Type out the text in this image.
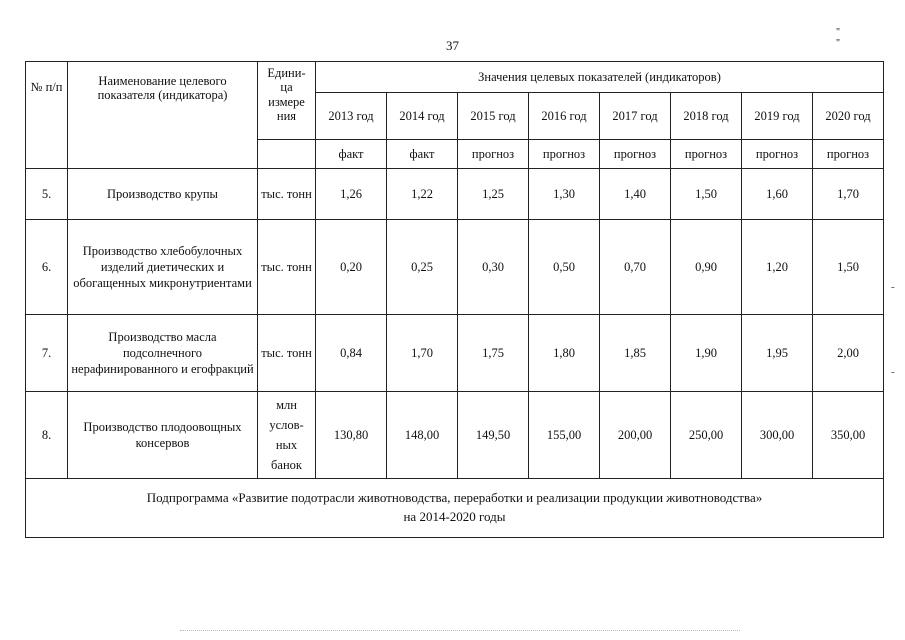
37
" "
№ п/п	Наименование целевого показателя (индикатора)	Едини- ца измере ния	Значения целевых показателей (индикаторов)							
			2013 год	2014 год	2015 год	2016 год	2017 год	2018 год	2019 год	2020 год
			факт	факт	прогноз	прогноз	прогноз	прогноз	прогноз	прогноз
5.	Производство крупы	тыс. тонн	1,26	1,22	1,25	1,30	1,40	1,50	1,60	1,70
6.	Производство хлебобулочных изделий диетических и обогащенных микронутриентами	тыс. тонн	0,20	0,25	0,30	0,50	0,70	0,90	1,20	1,50
7.	Производство масла подсолнечного нерафинированного и егофракций	тыс. тонн	0,84	1,70	1,75	1,80	1,85	1,90	1,95	2,00
8.	Производство плодоовощных консервов	млн услов- ных банок	130,80	148,00	149,50	155,00	200,00	250,00	300,00	350,00

Подпрограмма «Развитие подотрасли животноводства, переработки и реализации продукции животноводства»
на 2014-2020 годы										
-
-
